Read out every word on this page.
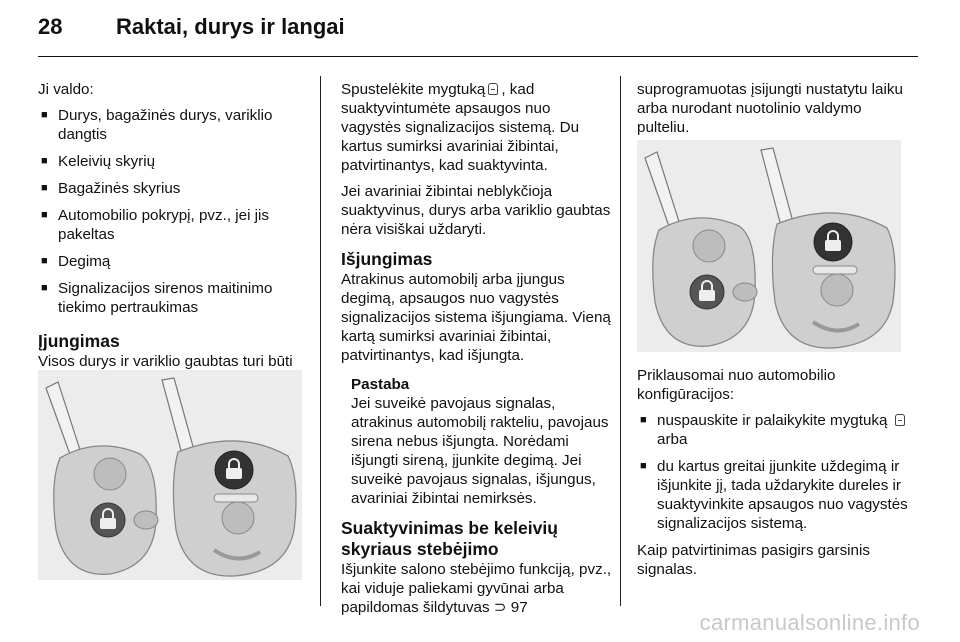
28 Raktai, durys ir langai

Ji valdo:

■ Durys, bagažinės durys, variklio dangtis
■ Keleivių skyrių
■ Bagažinės skyrius
■ Automobilio pokrypį, pvz., jei jis pakeltas
■ Degimą
■ Signalizacijos sirenos maitinimo tiekimo pertraukimas
Įjungimas

Visos durys ir variklio gaubtas turi būti

Spustelėkite mygtuką , kad suaktyvintumėte apsaugos nuo vagystės signalizacijos sistemą. Du kartus sumirksi avariniai žibintai, patvirtinantys, kad suaktyvinta.

Jei avariniai žibintai neblykčioja suaktyvinus, durys arba variklio gaubtas nėra visiškai uždaryti.

Išjungimas

Atrakinus automobilį arba įjungus degimą, apsaugos nuo vagystės signalizacijos sistema išjungiama. Vieną kartą sumirksi avariniai žibintai, patvirtinantys, kad išjungta.

Pastaba
Jei suveikė pavojaus signalas, atrakinus automobilį rakteliu, pavojaus sirena nebus išjungta. Norėdami išjungti sireną, įjunkite degimą. Jei suveikė pavojaus signalas, išjungus, avariniai žibintai nemirksės.
Suaktyvinimas be keleivių skyriaus stebėjimo

Išjunkite salono stebėjimo funkciją, pvz., kai viduje paliekami gyvūnai arba papildomas šildytuvas ⊃ 97

suprogramuotas įsijungti nustatytu laiku arba nurodant nuotolinio valdymo pulteliu.

Priklausomai nuo automobilio konfigūracijos:

■ nuspauskite ir palaikykite mygtuką arba
■ du kartus greitai įjunkite uždegimą ir išjunkite jį, tada uždarykite dureles ir suaktyvinkite apsaugos nuo vagystės signalizacijos sistemą.

Kaip patvirtinimas pasigirs garsinis signalas.

carmanualsonline.info
